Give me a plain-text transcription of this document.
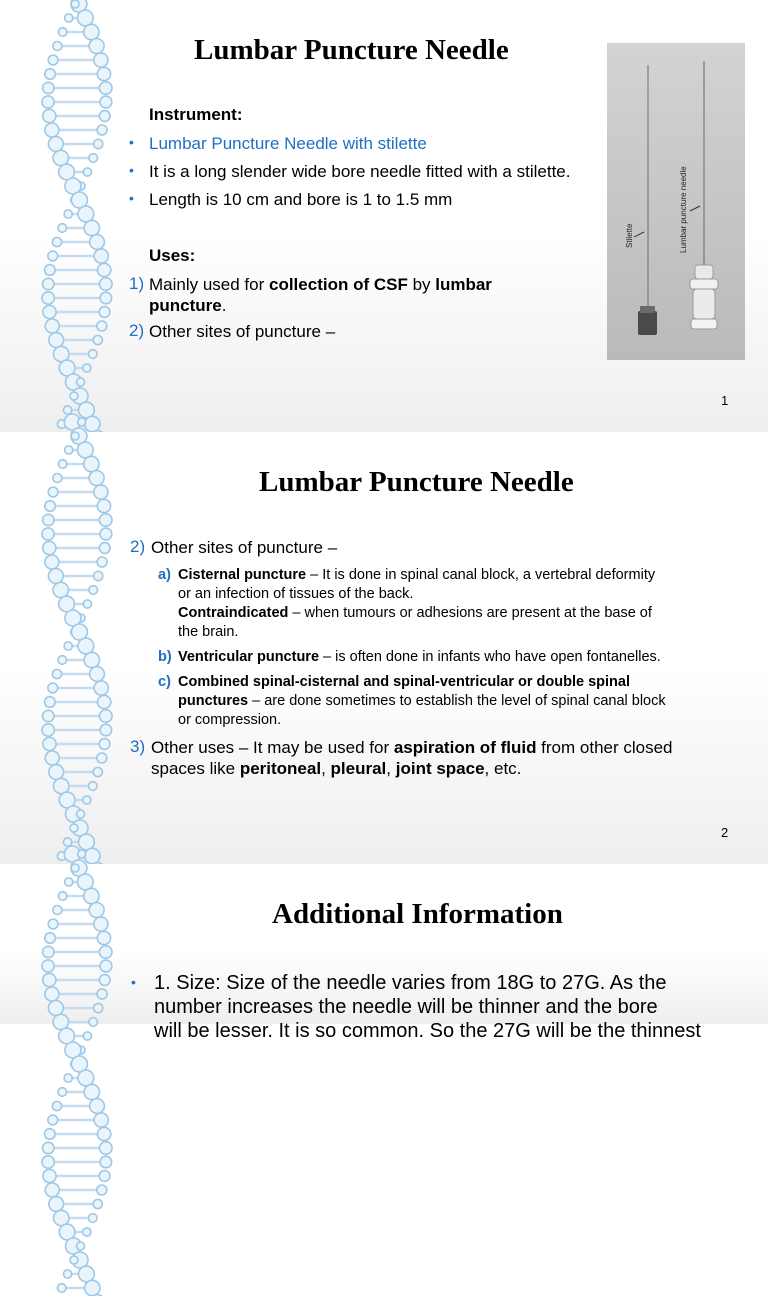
Lumbar Puncture Needle
Instrument:
• Lumbar Puncture Needle with stilette
• It is a long slender wide bore needle fitted with a stilette.
• Length is 10 cm and bore is 1 to 1.5 mm
Uses:
1) Mainly used for collection of CSF by lumbar
puncture.
2) Other sites of puncture –
Stilette	Lumbar puncture needle
1
Lumbar Puncture Needle
2) Other sites of puncture –
a) Cisternal puncture – It is done in spinal canal block, a vertebral deformity
or an infection of tissues of the back.
Contraindicated – when tumours or adhesions are present at the base of
the brain.
b) Ventricular puncture – is often done in infants who have open fontanelles.
c) Combined spinal-cisternal and spinal-ventricular or double spinal
punctures – are done sometimes to establish the level of spinal canal block
or compression.
3) Other uses – It may be used for aspiration of fluid from other closed
spaces like peritoneal, pleural, joint space, etc.
2
Additional Information
• 1. Size: Size of the needle varies from 18G to 27G. As the
number increases the needle will be thinner and the bore
will be lesser. It is so common. So the 27G will be the thinnest
